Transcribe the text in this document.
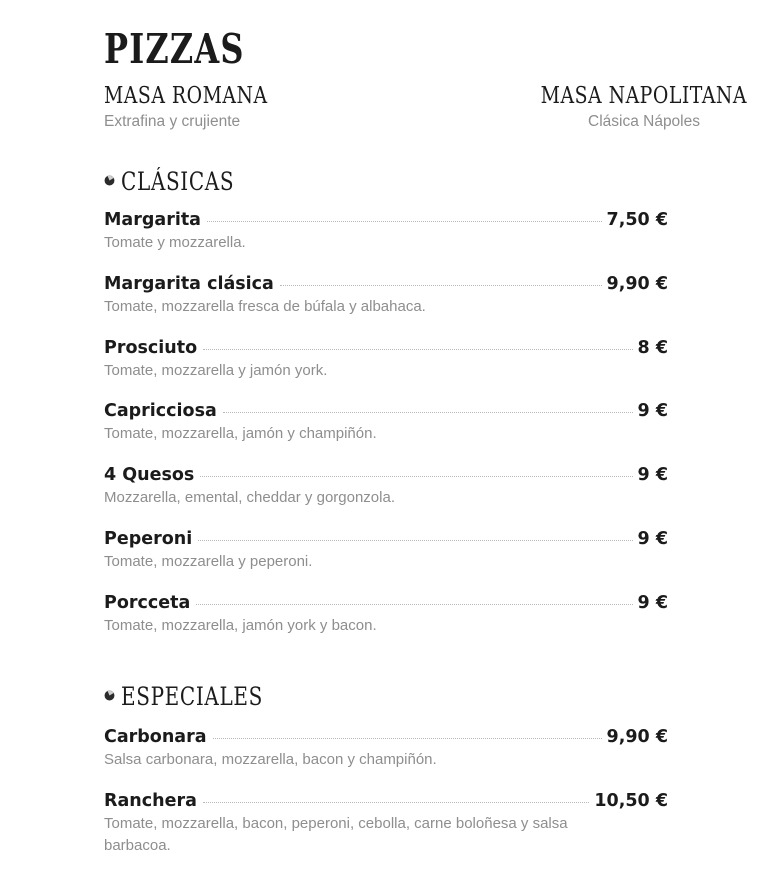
PIZZAS
MASA ROMANA
Extrafina y crujiente
MASA NAPOLITANA
Clásica Nápoles
CLÁSICAS
Margarita	7,50 €
Tomate y mozzarella.
Margarita clásica	9,90 €
Tomate, mozzarella fresca de búfala y albahaca.
Prosciuto	8 €
Tomate, mozzarella y jamón york.
Capricciosa	9 €
Tomate, mozzarella, jamón y champiñón.
4 Quesos	9 €
Mozzarella, emental, cheddar y gorgonzola.
Peperoni	9 €
Tomate, mozzarella y peperoni.
Porcceta	9 €
Tomate, mozzarella, jamón york y bacon.
ESPECIALES
Carbonara	9,90 €
Salsa carbonara, mozzarella, bacon y champiñón.
Ranchera	10,50 €
Tomate, mozzarella, bacon, peperoni, cebolla, carne boloñesa y salsa barbacoa.
